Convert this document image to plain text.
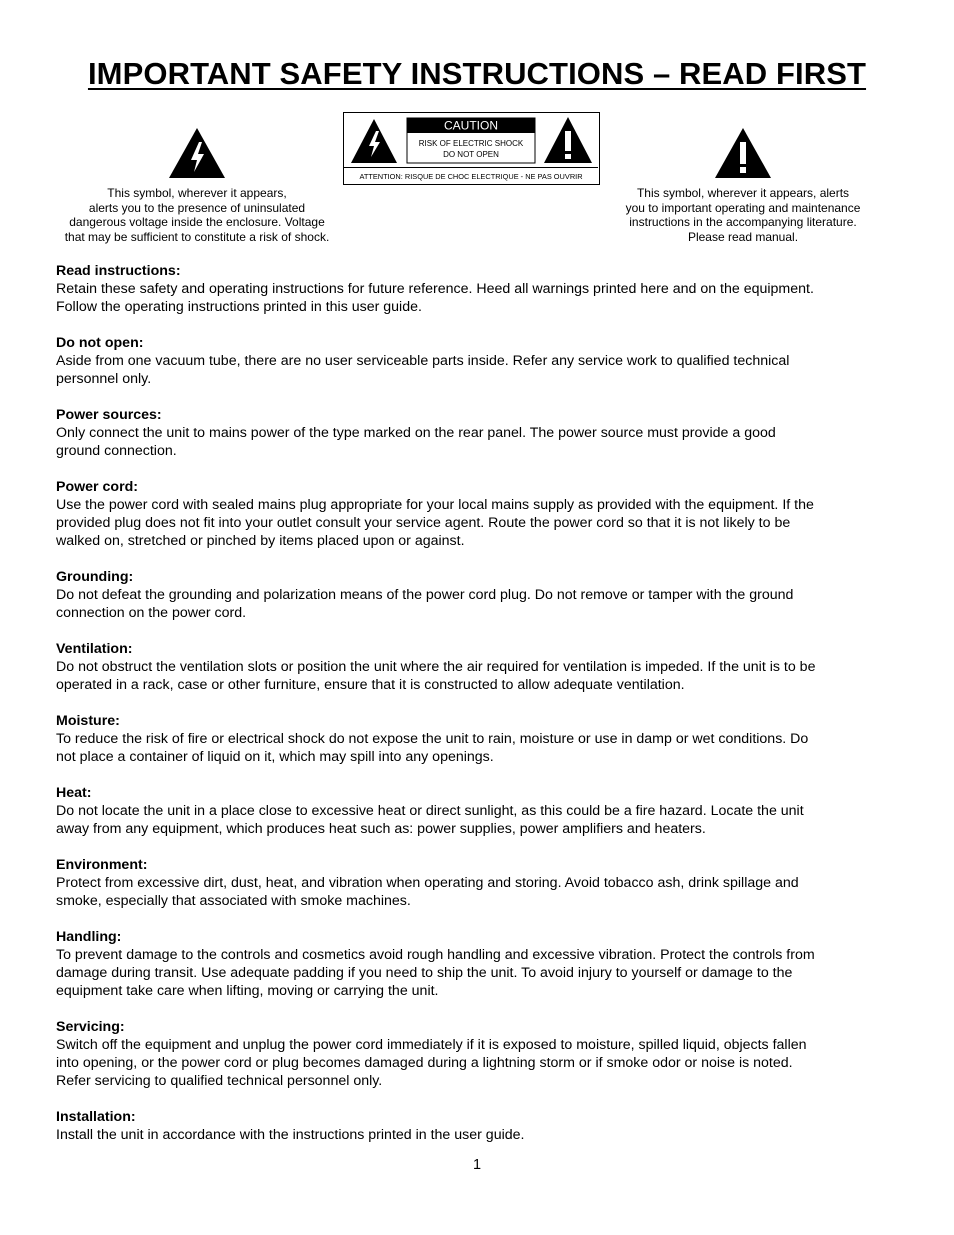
IMPORTANT SAFETY INSTRUCTIONS – READ FIRST
This symbol, wherever it appears,
alerts you to the presence of uninsulated
dangerous voltage inside the enclosure. Voltage
that may be sufficient to constitute a risk of shock.
CAUTION
RISK OF ELECTRIC SHOCK
DO NOT OPEN
ATTENTION: RISQUE DE CHOC ELECTRIQUE - NE PAS OUVRIR
This symbol, wherever it appears, alerts
you to important operating and maintenance
instructions in the accompanying literature.
Please read manual.
Read instructions:
Retain these safety and operating instructions for future reference. Heed all warnings printed here and on the equipment.
Follow the operating instructions printed in this user guide.
Do not open:
Aside from one vacuum tube, there are no user serviceable parts inside. Refer any service work to qualified technical
personnel only.
Power sources:
Only connect the unit to mains power of the type marked on the rear panel. The power source must provide a good
ground connection.
Power cord:
Use the power cord with sealed mains plug appropriate for your local mains supply as provided with the equipment. If the
provided plug does not fit into your outlet consult your service agent. Route the power cord so that it is not likely to be
walked on, stretched or pinched by items placed upon or against.
Grounding:
Do not defeat the grounding and polarization means of the power cord plug. Do not remove or tamper with the ground
connection on the power cord.
Ventilation:
Do not obstruct the ventilation slots or position the unit where the air required for ventilation is impeded. If the unit is to be
operated in a rack, case or other furniture, ensure that it is constructed to allow adequate ventilation.
Moisture:
To reduce the risk of fire or electrical shock do not expose the unit to rain, moisture or use in damp or wet conditions. Do
not place a container of liquid on it, which may spill into any openings.
Heat:
Do not locate the unit in a place close to excessive heat or direct sunlight, as this could be a fire hazard. Locate the unit
away from any equipment, which produces heat such as: power supplies, power amplifiers and heaters.
Environment:
Protect from excessive dirt, dust, heat, and vibration when operating and storing. Avoid tobacco ash, drink spillage and
smoke, especially that associated with smoke machines.
Handling:
To prevent damage to the controls and cosmetics avoid rough handling and excessive vibration. Protect the controls from
damage during transit. Use adequate padding if you need to ship the unit. To avoid injury to yourself or damage to the
equipment take care when lifting, moving or carrying the unit.
Servicing:
Switch off the equipment and unplug the power cord immediately if it is exposed to moisture, spilled liquid, objects fallen
into opening, or the power cord or plug becomes damaged during a lightning storm or if smoke odor or noise is noted.
Refer servicing to qualified technical personnel only.
Installation:
Install the unit in accordance with the instructions printed in the user guide.
1
